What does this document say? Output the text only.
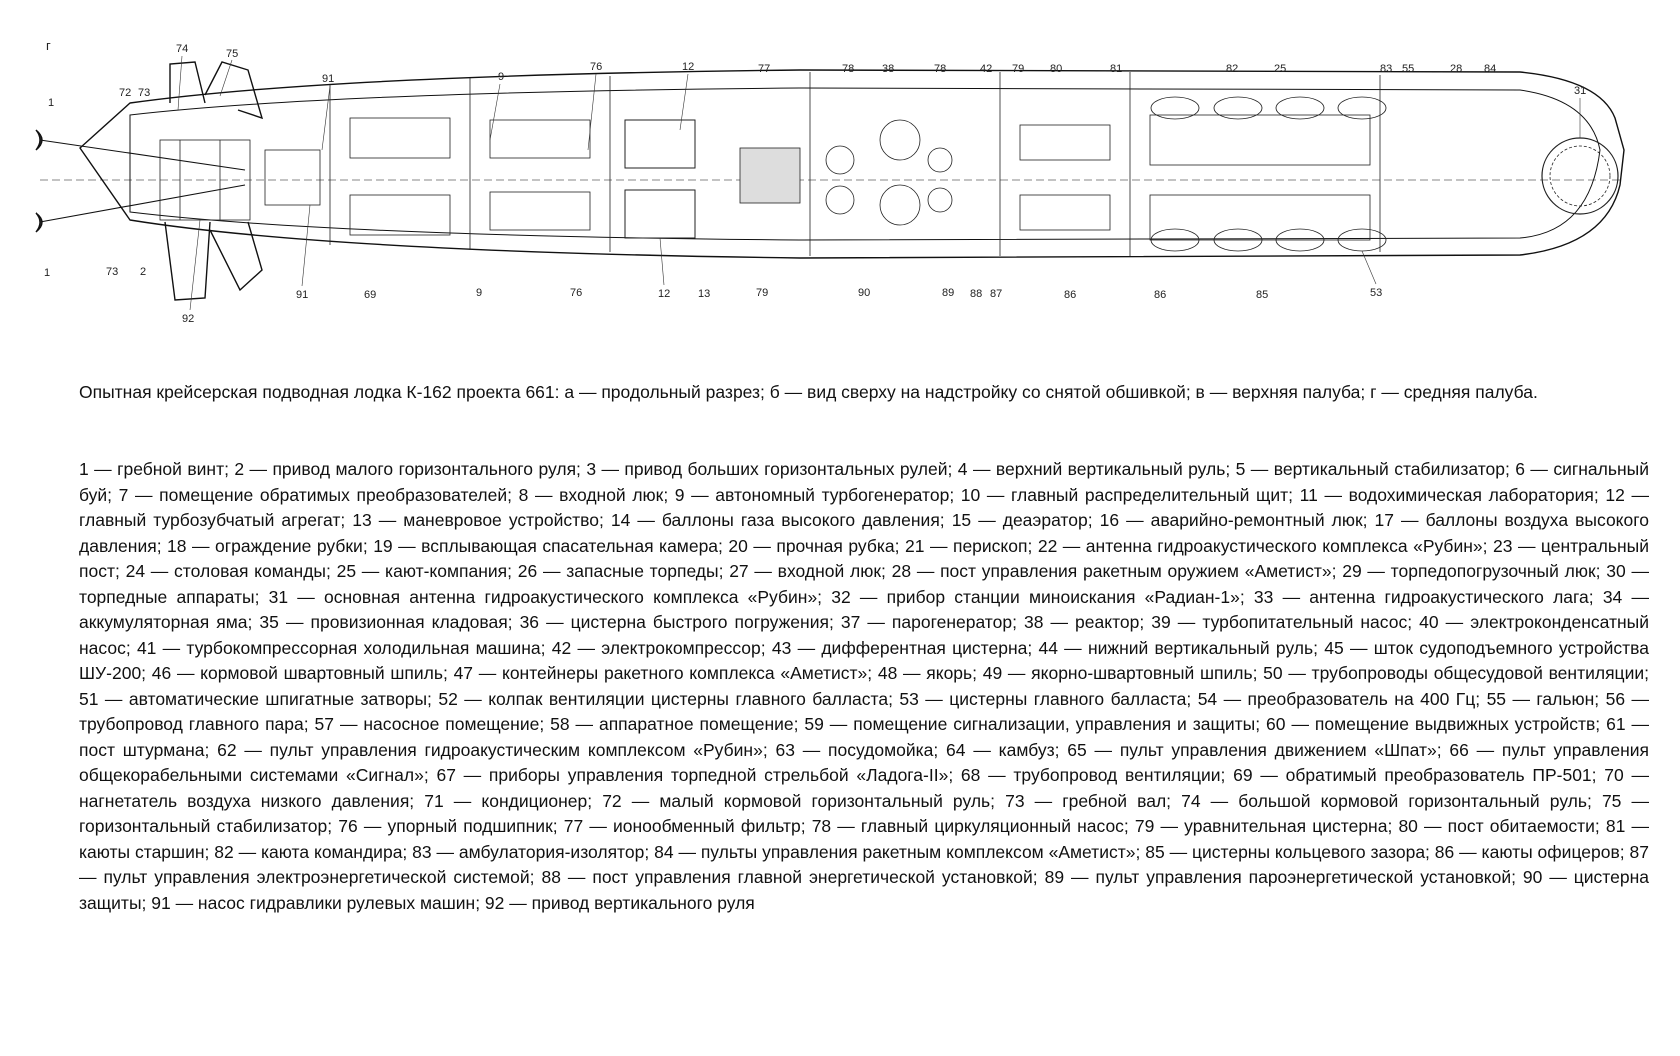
г
72 73
74	75
91	9
76	12	77	78	38	78	42 79 80	81	82	25	83 55	28 84
31
1
1	73 2
92
91	69	9	76	12	13	79	90	89 88 87	86	86	85	53

Опытная крейсерская подводная лодка К-162 проекта 661: а — продольный разрез; б — вид сверху на надстройку со снятой обшивкой; в — верхняя палуба; г — средняя палуба.

1 — гребной винт; 2 — привод малого горизонтального руля; 3 — привод больших горизонтальных рулей; 4 — верхний вертикальный руль; 5 — вертикальный стабилизатор; 6 — сигнальный буй; 7 — помещение обратимых преобразователей; 8 — входной люк; 9 — автономный турбогенератор; 10 — главный распределительный щит; 11 — водохимическая лаборатория; 12 — главный турбозубчатый агрегат; 13 — маневровое устройство; 14 — баллоны газа высокого давления; 15 — деаэратор; 16 — аварийно-ремонтный люк; 17 — баллоны воздуха высокого давления; 18 — ограждение рубки; 19 — всплывающая спасательная камера; 20 — прочная рубка; 21 — перископ; 22 — антенна гидроакустического комплекса «Рубин»; 23 — центральный пост; 24 — столовая команды; 25 — кают-компания; 26 — запасные торпеды; 27 — входной люк; 28 — пост управления ракетным оружием «Аметист»; 29 — торпедопогрузочный люк; 30 — торпедные аппараты; 31 — основная антенна гидроакустического комплекса «Рубин»; 32 — прибор станции миноискания «Радиан-1»; 33 — антенна гидроакустического лага; 34 — аккумуляторная яма; 35 — провизионная кладовая; 36 — цистерна быстрого погружения; 37 — парогенератор; 38 — реактор; 39 — турбопитательный насос; 40 — электроконденсатный насос; 41 — турбокомпрессорная холодильная машина; 42 — электрокомпрессор; 43 — дифферентная цистерна; 44 — нижний вертикальный руль; 45 — шток судоподъемного устройства ШУ-200; 46 — кормовой швартовный шпиль; 47 — контейнеры ракетного комплекса «Аметист»; 48 — якорь; 49 — якорно-швартовный шпиль; 50 — трубопроводы общесудовой вентиляции; 51 — автоматические шпигатные затворы; 52 — колпак вентиляции цистерны главного балласта; 53 — цистерны главного балласта; 54 — преобразователь на 400 Гц; 55 — гальюн; 56 — трубопровод главного пара; 57 — насосное помещение; 58 — аппаратное помещение; 59 — помещение сигнализации, управления и защиты; 60 — помещение выдвижных устройств; 61 — пост штурмана; 62 — пульт управления гидроакустическим комплексом «Рубин»; 63 — посудомойка; 64 — камбуз; 65 — пульт управления движением «Шпат»; 66 — пульт управления общекорабельными системами «Сигнал»; 67 — приборы управления торпедной стрельбой «Ладога-II»; 68 — трубопровод вентиляции; 69 — обратимый преобразователь ПР-501; 70 — нагнетатель воздуха низкого давления; 71 — кондиционер; 72 — малый кормовой горизонтальный руль; 73 — гребной вал; 74 — большой кормовой горизонтальный руль; 75 — горизонтальный стабилизатор; 76 — упорный подшипник; 77 — ионообменный фильтр; 78 — главный циркуляционный насос; 79 — уравнительная цистерна; 80 — пост обитаемости; 81 — каюты старшин; 82 — каюта командира; 83 — амбулатория-изолятор; 84 — пульты управления ракетным комплексом «Аметист»; 85 — цистерны кольцевого зазора; 86 — каюты офицеров; 87 — пульт управления электроэнергетической системой; 88 — пост управления главной энергетической установкой; 89 — пульт управления пароэнергетической установкой; 90 — цистерна защиты; 91 — насос гидравлики рулевых машин; 92 — привод вертикального руля
